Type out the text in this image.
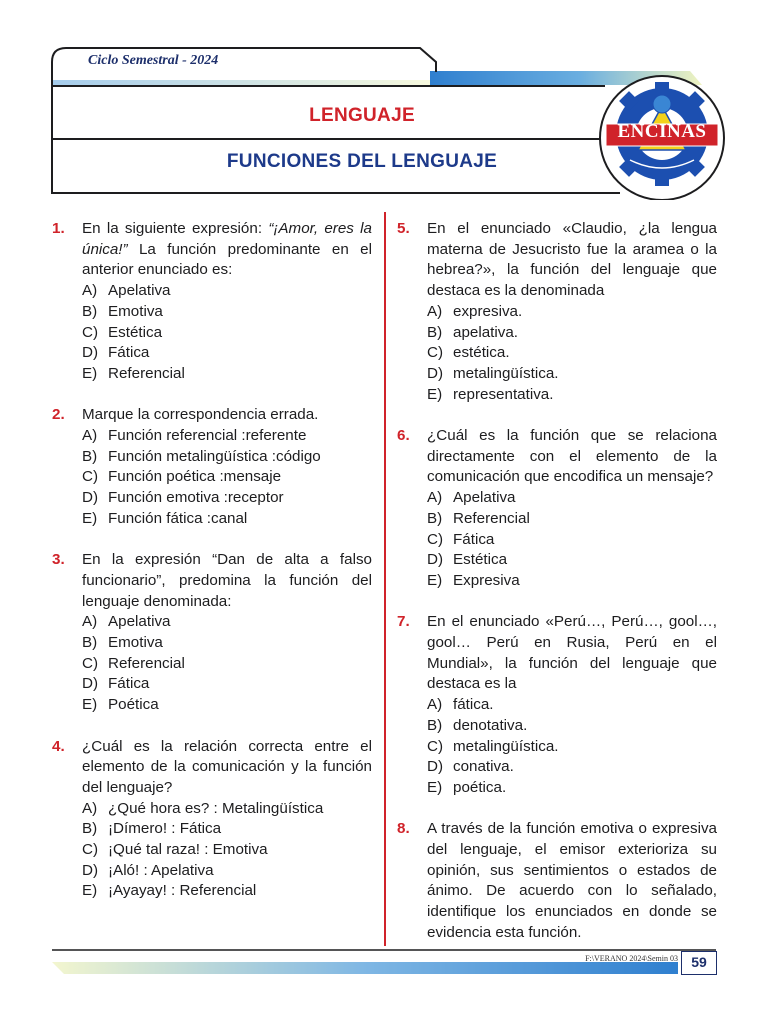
Ciclo Semestral - 2024
LENGUAJE
FUNCIONES DEL LENGUAJE
ENCINAS
1.	En la siguiente expresión: “¡Amor, eres la única!” La función predominante en el anterior enunciado es:
A) Apelativa
B) Emotiva
C) Estética
D) Fática
E) Referencial
2.	Marque la correspondencia errada.
A) Función referencial :referente
B) Función metalingüística :código
C) Función poética :mensaje
D) Función emotiva :receptor
E) Función fática :canal
3.	En la expresión “Dan de alta a falso funcionario”, predomina la función del lenguaje denominada:
A) Apelativa
B) Emotiva
C) Referencial
D) Fática
E) Poética
4.	¿Cuál es la relación correcta entre el elemento de la comunicación y la función del lenguaje?
A) ¿Qué hora es? : Metalingüística
B) ¡Dímero! : Fática
C) ¡Qué tal raza! : Emotiva
D) ¡Aló! : Apelativa
E) ¡Ayayay! : Referencial
5.	En el enunciado «Claudio, ¿la lengua materna de Jesucristo fue la aramea o la hebrea?», la función del lenguaje que destaca es la denominada
A) expresiva.
B) apelativa.
C) estética.
D) metalingüística.
E) representativa.
6.	¿Cuál es la función que se relaciona directamente con el elemento de la comunicación que encodifica un mensaje?
A) Apelativa
B) Referencial
C) Fática
D) Estética
E) Expresiva
7.	En el enunciado «Perú…, Perú…, gool…, gool… Perú en Rusia, Perú en el Mundial», la función del lenguaje que destaca es la
A) fática.
B) denotativa.
C) metalingüística.
D) conativa.
E) poética.
8.	A través de la función emotiva o expresiva del lenguaje, el emisor exterioriza su opinión, sus sentimientos o estados de ánimo. De acuerdo con lo señalado, identifique los enunciados en donde se evidencia esta función.
F:\VERANO 2024\Semin 03 59
